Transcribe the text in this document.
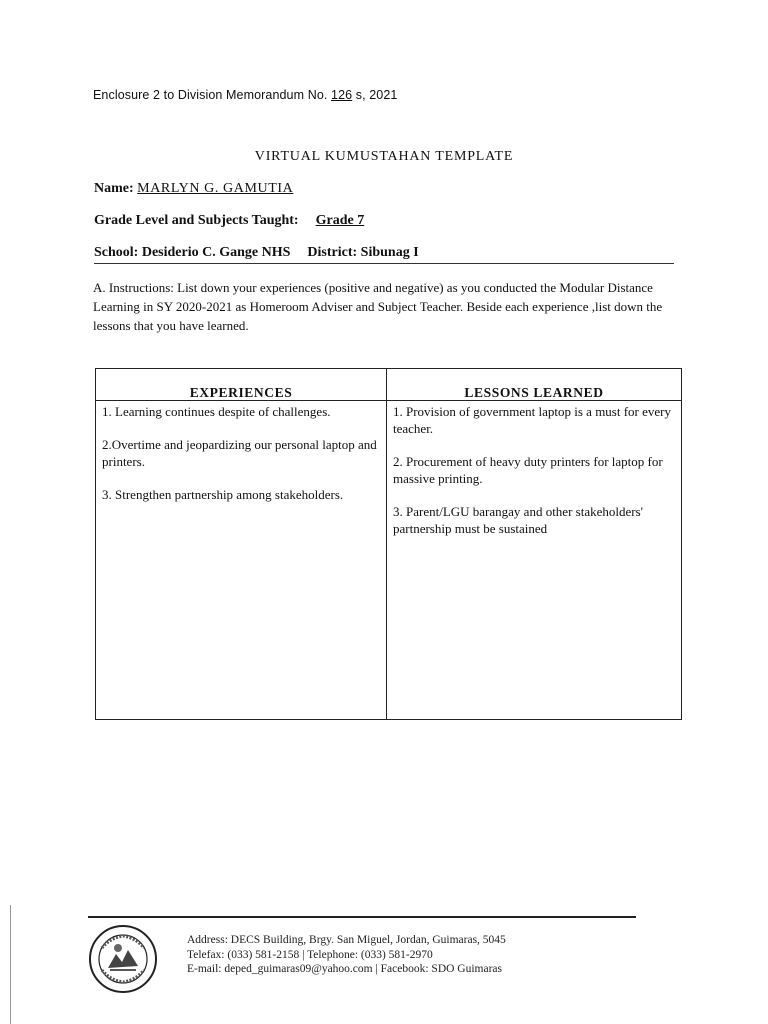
Enclosure 2 to Division Memorandum No. 126 s, 2021
VIRTUAL KUMUSTAHAN TEMPLATE
Name: MARLYN G. GAMUTIA
Grade Level and Subjects Taught: Grade 7
School: Desiderio C. Gange NHS District: Sibunag I
A. Instructions: List down your experiences (positive and negative) as you conducted the Modular Distance Learning in SY 2020-2021 as Homeroom Adviser and Subject Teacher. Beside each experience ,list down the lessons that you have learned.
EXPERIENCES
1. Learning continues despite of challenges.
2.Overtime and jeopardizing our personal laptop and printers.
3. Strengthen partnership among stakeholders.
LESSONS LEARNED
1. Provision of government laptop is a must for every teacher.
2. Procurement of heavy duty printers for laptop for massive printing.
3. Parent/LGU barangay and other stakeholders' partnership must be sustained
Address: DECS Building, Brgy. San Miguel, Jordan, Guimaras, 5045
Telefax: (033) 581-2158 | Telephone: (033) 581-2970
E-mail: deped_guimaras09@yahoo.com | Facebook: SDO Guimaras
